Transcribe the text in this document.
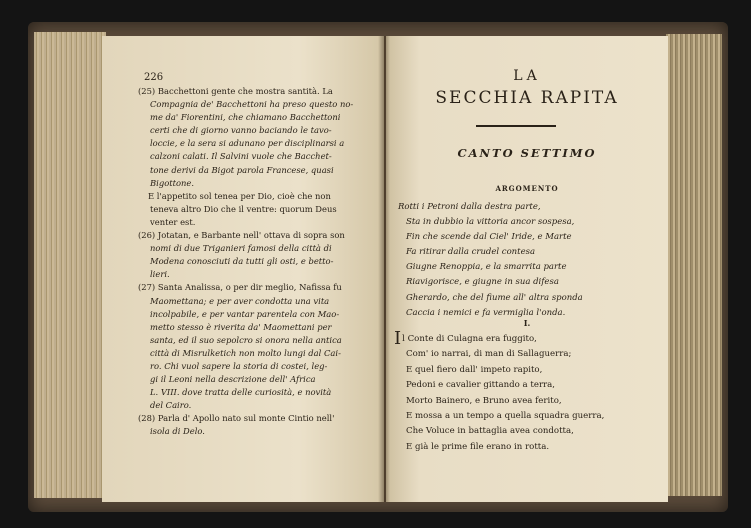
226
(25) Bacchettoni gente che mostra santità. La
Compagnia de' Bacchettoni ha preso questo no-
me da' Fiorentini, che chiamano Bacchettoni
certi che di giorno vanno baciando le tavo-
loccie, e la sera si adunano per disciplinarsi a
calzoni calati. Il Salvini vuole che Bacchet-
tone derivi da Bigot parola Francese, quasi
Bigottone.
E l'appetito sol tenea per Dio, cioè che non
teneva altro Dio che il ventre: quorum Deus
venter est.
(26) Jotatan, e Barbante nell' ottava di sopra son
nomi di due Triganieri famosi della città di
Modena conosciuti da tutti gli osti, e betto-
lieri.
(27) Santa Analissa, o per dir meglio, Nafissa fu
Maomettana; e per aver condotta una vita
incolpabile, e per vantar parentela con Mao-
metto stesso è riverita da' Maomettani per
santa, ed il suo sepolcro si onora nella antica
città di Misrulketich non molto lungi dal Cai-
ro. Chi vuol sapere la storia di costei, leg-
gi il Leoni nella descrizione dell' Africa
L. VIII. dove tratta delle curiosità, e novità
del Cairo.
(28) Parla d' Apollo nato sul monte Cintio nell'
isola di Delo.
LA
SECCHIA RAPITA
CANTO SETTIMO
ARGOMENTO
Rotti i Petroni dalla destra parte,
Sta in dubbio la vittoria ancor sospesa,
Fin che scende dal Ciel' Iride, e Marte
Fa ritirar dalla crudel contesa
Giugne Renoppia, e la smarrita parte
Riavigorisce, e giugne in sua difesa
Gherardo, che del fiume all' altra sponda
Caccia i nemici e fa vermiglia l'onda.
I.
Il Conte di Culagna era fuggito,
Com' io narrai, di man di Sallaguerra;
E quel fiero dall' impeto rapito,
Pedoni e cavalier gittando a terra,
Morto Bainero, e Bruno avea ferito,
E mossa a un tempo a quella squadra guerra,
Che Voluce in battaglia avea condotta,
E già le prime file erano in rotta.
